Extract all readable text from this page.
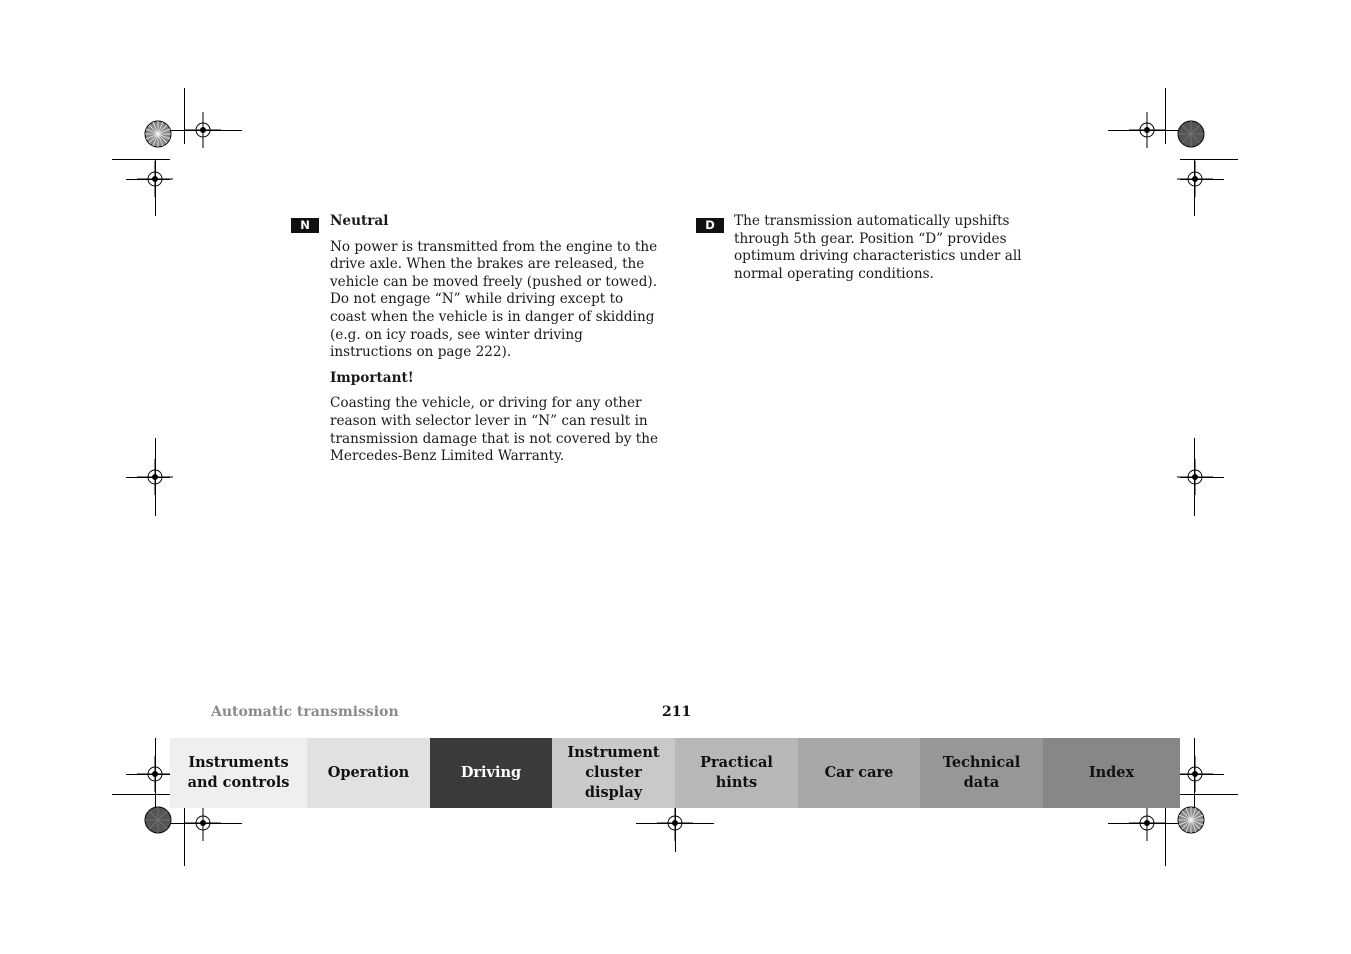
N	Neutral

No power is transmitted from the engine to the drive axle. When the brakes are released, the vehicle can be moved freely (pushed or towed). Do not engage “N” while driving except to coast when the vehicle is in danger of skidding (e.g. on icy roads, see winter driving instructions on page 222).

Important!

Coasting the vehicle, or driving for any other reason with selector lever in “N” can result in transmission damage that is not covered by the Mercedes-Benz Limited Warranty.

D	The transmission automatically upshifts through 5th gear. Position “D” provides optimum driving characteristics under all normal operating conditions.

Automatic transmission	211
Instruments
and controls
Operation	Driving
Instrument
cluster display
Practical hints
Car care
Technical
data
Index
